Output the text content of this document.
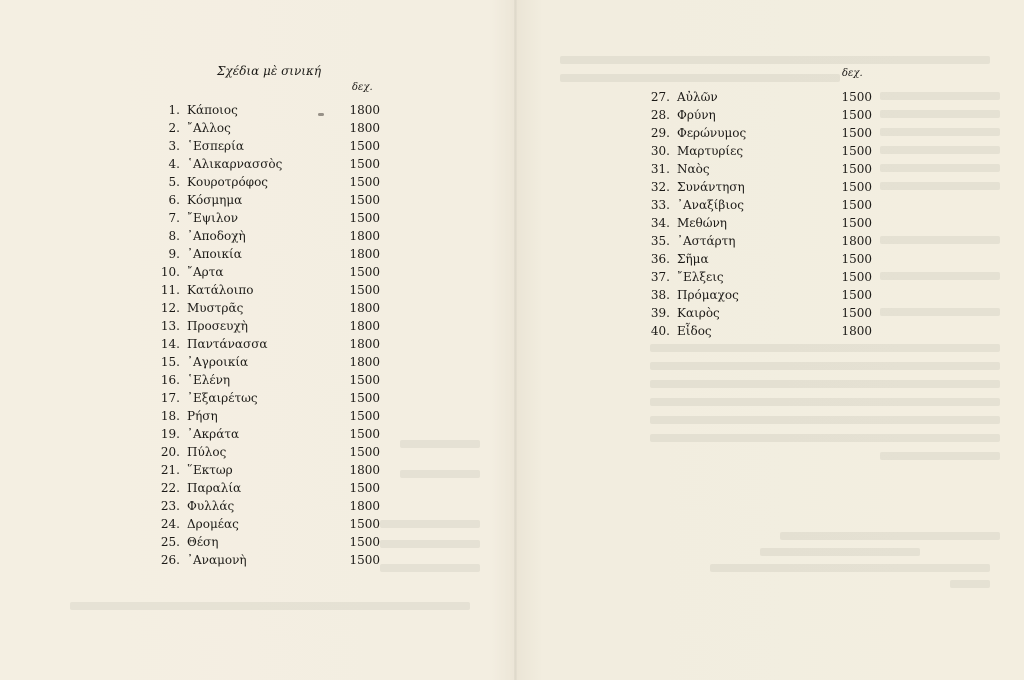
Σχέδια μὲ σινική
δεχ.
1. Κάποιος	1800
2. ῎Αλλος	1800
3. ῾Εσπερία	1500
4. ῾Αλικαρνασσὸς	1500
5. Κουροτρόφος	1500
6. Κόσμημα	1500
7. ῎Εψιλον	1500
8. ᾿Αποδοχὴ	1800
9. ᾿Αποικία	1800
10. ῎Αρτα	1500
11. Κατάλοιπο	1500
12. Μυστρᾶς	1800
13. Προσευχὴ	1800
14. Παντάνασσα	1800
15. ᾿Αγροικία	1800
16. ῾Ελένη	1500
17. ᾿Εξαιρέτως	1500
18. Ρήση	1500
19. ᾿Ακράτα	1500
20. Πύλος	1500
21. ῞Εκτωρ	1800
22. Παραλία	1500
23. Φυλλάς	1800
24. Δρομέας	1500
25. Θέση	1500
26. ᾿Αναμονὴ	1500
δεχ.
27. Αὐλῶν	1500
28. Φρύνη	1500
29. Φερώνυμος	1500
30. Μαρτυρίες	1500
31. Ναὸς	1500
32. Συνάντηση	1500
33. ᾿Αναξίβιος	1500
34. Μεθώνη	1500
35. ᾿Αστάρτη	1800
36. Σῆμα	1500
37. ῎Ελξεις	1500
38. Πρόμαχος	1500
39. Καιρὸς	1500
40. Εἶδος	1800
